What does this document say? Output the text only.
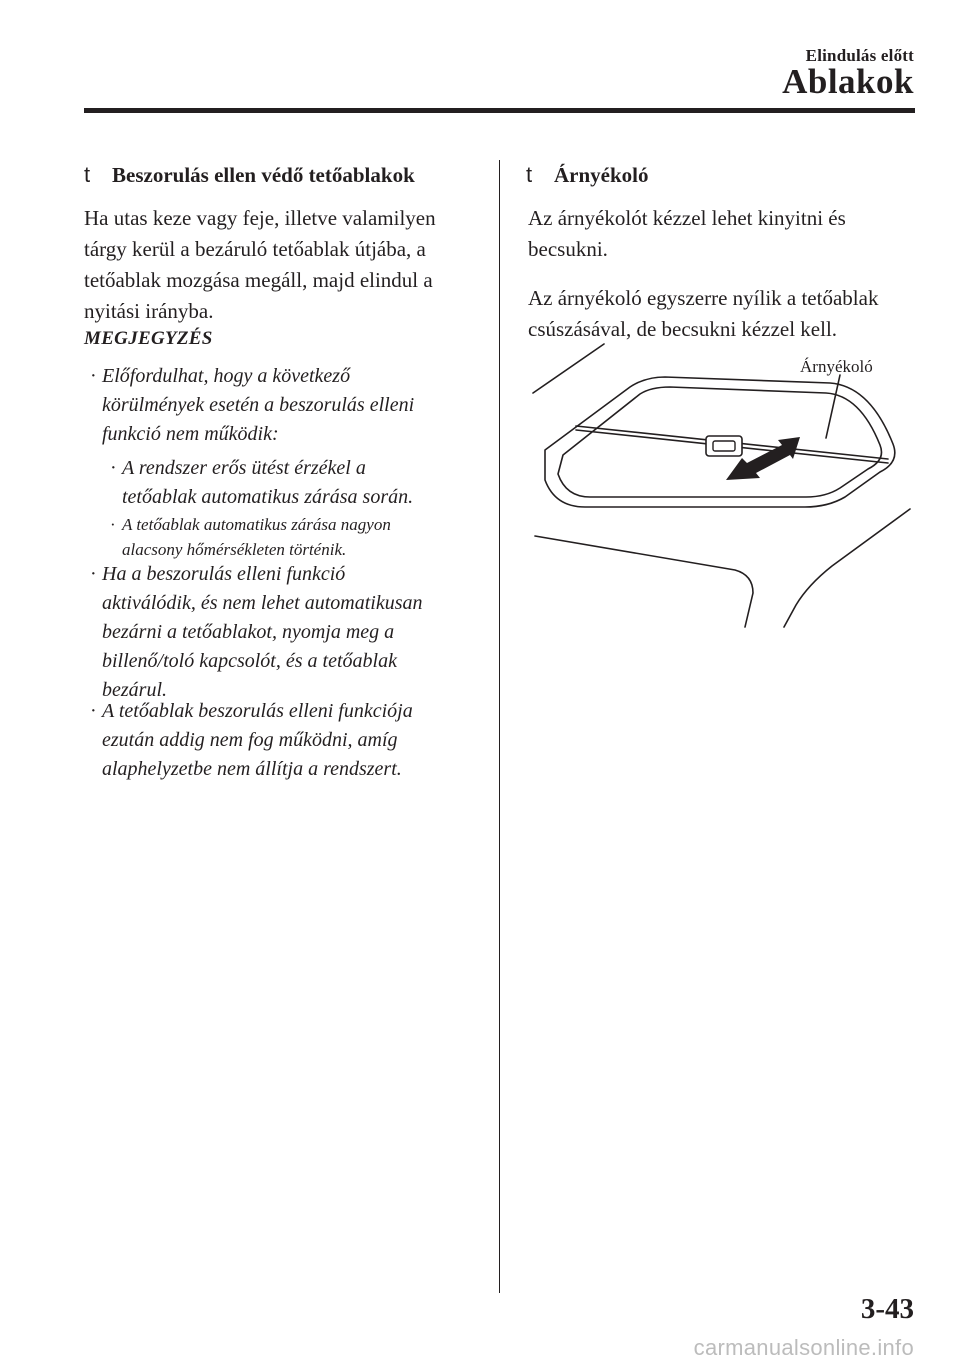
Elindulás előtt
Ablakok
t	Beszorulás ellen védő tetőablakok

Ha utas keze vagy feje, illetve valamilyen

tárgy kerül a bezáruló tetőablak útjába, a

tetőablak mozgása megáll, majd elindul a

nyitási irányba.

MEGJEGYZÉS
· Előfordulhat, hogy a következő
körülmények esetén a beszorulás elleni
funkció nem működik:
· A rendszer erős ütést érzékel a
tetőablak automatikus zárása során.
· A tetőablak automatikus zárása nagyon
alacsony hőmérsékleten történik.
· Ha a beszorulás elleni funkció
aktiválódik, és nem lehet automatikusan
bezárni a tetőablakot, nyomja meg a
billenő/toló kapcsolót, és a tetőablak
bezárul.
· A tetőablak beszorulás elleni funkciója
ezután addig nem fog működni, amíg
alaphelyzetbe nem állítja a rendszert.
t	Árnyékoló

Az árnyékolót kézzel lehet kinyitni és

becsukni.

Az árnyékoló egyszerre nyílik a tetőablak

csúszásával, de becsukni kézzel kell.

Árnyékoló
3-43
carmanualsonline.info
